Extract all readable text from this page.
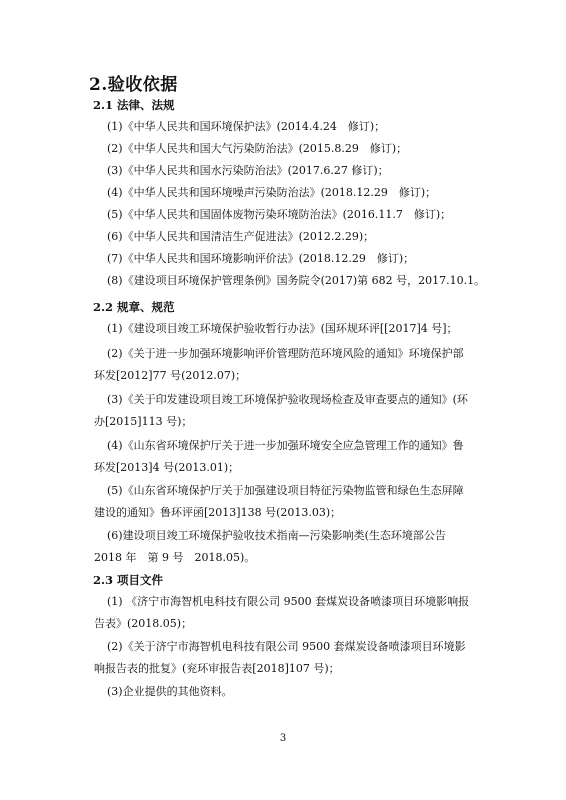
2.验收依据
2.1 法律、法规
(1)《中华人民共和国环境保护法》(2014.4.24　修订)；
(2)《中华人民共和国大气污染防治法》(2015.8.29　修订)；
(3)《中华人民共和国水污染防治法》(2017.6.27 修订)；
(4)《中华人民共和国环境噪声污染防治法》(2018.12.29　修订)；
(5)《中华人民共和国固体废物污染环境防治法》(2016.11.7　修订)；
(6)《中华人民共和国清洁生产促进法》(2012.2.29)；
(7)《中华人民共和国环境影响评价法》(2018.12.29　修订)；
(8)《建设项目环境保护管理条例》国务院令(2017)第 682 号，2017.10.1。
2.2 规章、规范
(1)《建设项目竣工环境保护验收暂行办法》(国环规环评[[2017]4 号]；
(2)《关于进一步加强环境影响评价管理防范环境风险的通知》环境保护部
环发[2012]77 号(2012.07)；
(3)《关于印发建设项目竣工环境保护验收现场检查及审查要点的通知》(环
办[2015]113 号)；
(4)《山东省环境保护厅关于进一步加强环境安全应急管理工作的通知》鲁
环发[2013]4 号(2013.01)；
(5)《山东省环境保护厅关于加强建设项目特征污染物监管和绿色生态屏障
建设的通知》鲁环评函[2013]138 号(2013.03)；
(6)建设项目竣工环境保护验收技术指南—污染影响类(生态环境部公告
2018 年　第 9 号　2018.05)。
2.3 项目文件
(1) 《济宁市海智机电科技有限公司 9500 套煤炭设备喷漆项目环境影响报
告表》(2018.05)；
(2)《关于济宁市海智机电科技有限公司 9500 套煤炭设备喷漆项目环境影
响报告表的批复》(兖环审报告表[2018]107 号)；
(3)企业提供的其他资料。
3
